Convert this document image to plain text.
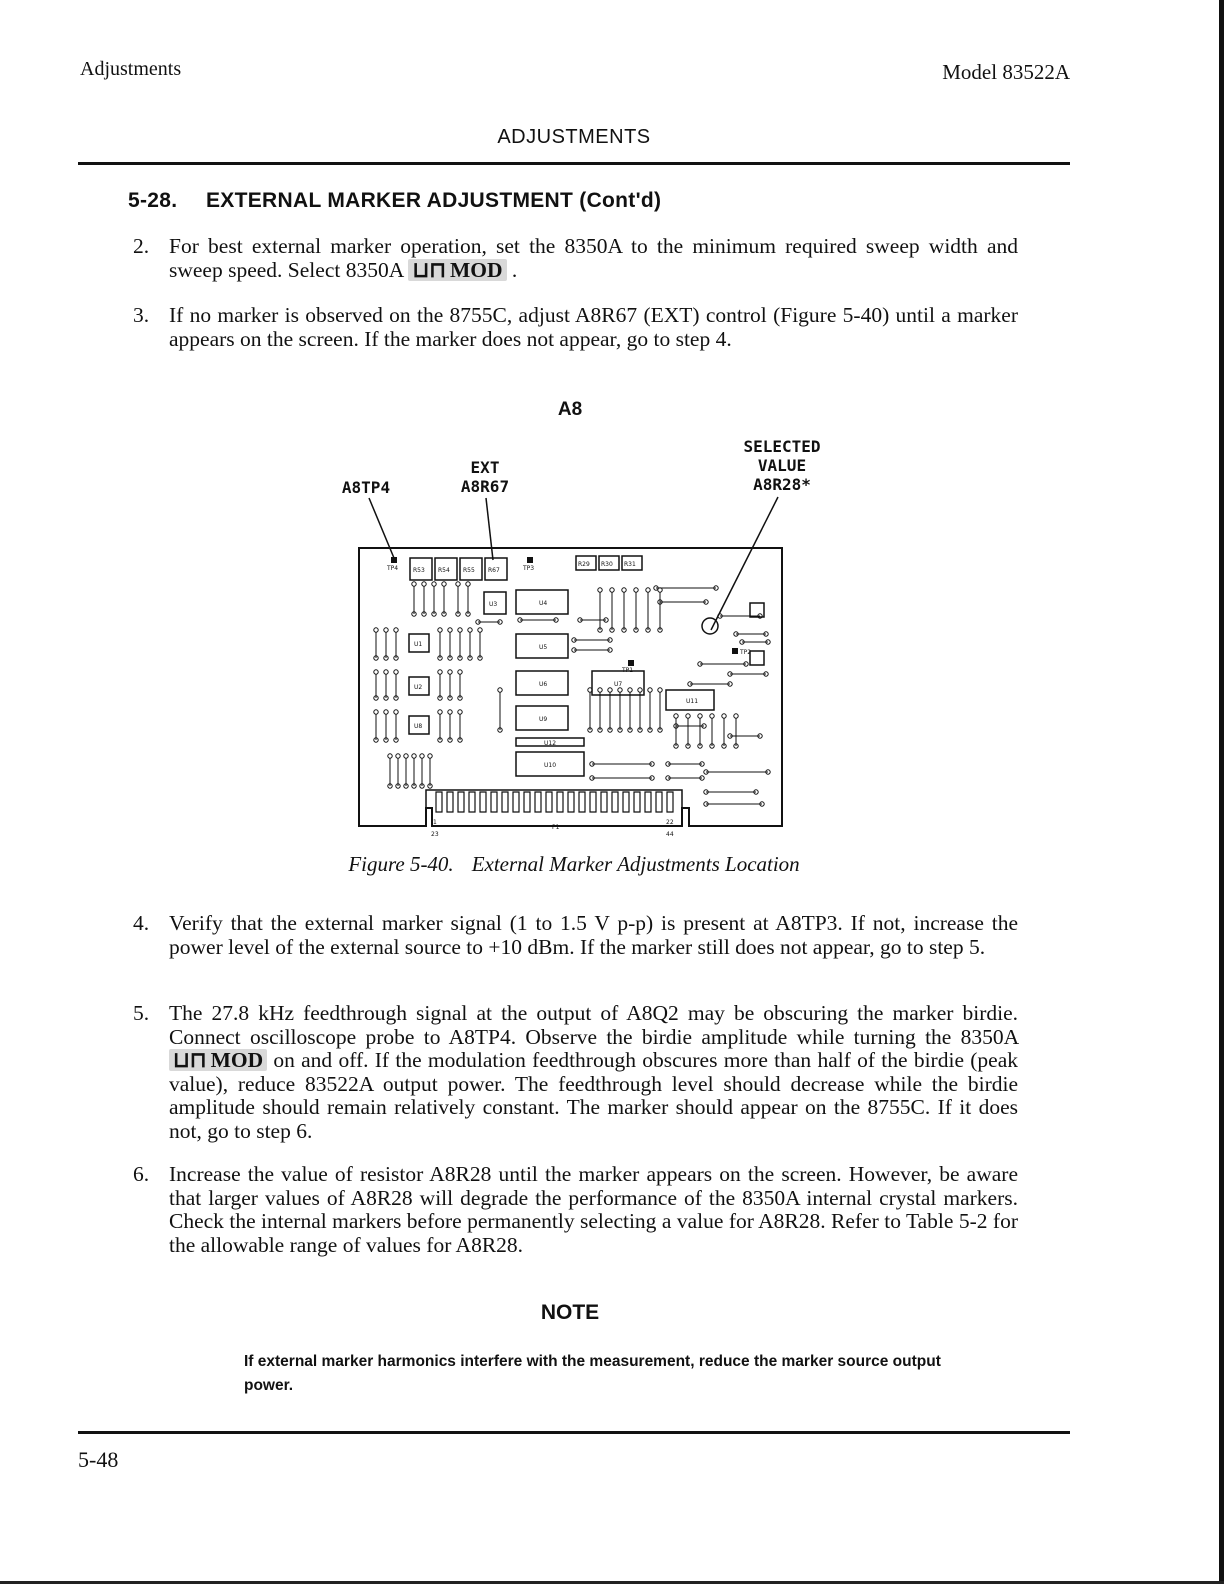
Adjustments	Model 83522A
ADJUSTMENTS
5-28. EXTERNAL MARKER ADJUSTMENT (Cont'd)
2. For best external marker operation, set the 8350A to the minimum required sweep width and sweep speed. Select 8350A ⊔⊓ MOD .
3. If no marker is observed on the 8755C, adjust A8R67 (EXT) control (Figure 5-40) until a marker appears on the screen. If the marker does not appear, go to step 4.
A8
A8TP4
EXT
A8R67
SELECTED
VALUE
A8R28*
TP4	TP3
TP2
TP1
R53 R54 R55 R67
R29 R30 R31
U1
U2
U3	U4
U5
U6	U7
U8
U9
U10
U11
U12
P1
23
1	22
44
Figure 5-40. External Marker Adjustments Location
4. Verify that the external marker signal (1 to 1.5 V p-p) is present at A8TP3. If not, increase the power level of the external source to +10 dBm. If the marker still does not appear, go to step 5.
5. The 27.8 kHz feedthrough signal at the output of A8Q2 may be obscuring the marker birdie. Connect oscilloscope probe to A8TP4. Observe the birdie amplitude while turning the 8350A ⊔⊓ MOD on and off. If the modulation feedthrough obscures more than half of the birdie (peak value), reduce 83522A output power. The feedthrough level should decrease while the birdie amplitude should remain relatively constant. The marker should appear on the 8755C. If it does not, go to step 6.
6. Increase the value of resistor A8R28 until the marker appears on the screen. However, be aware that larger values of A8R28 will degrade the performance of the 8350A internal crystal markers. Check the internal markers before permanently selecting a value for A8R28. Refer to Table 5-2 for the allowable range of values for A8R28.
NOTE
If external marker harmonics interfere with the measurement, reduce the marker source output power.
5-48
